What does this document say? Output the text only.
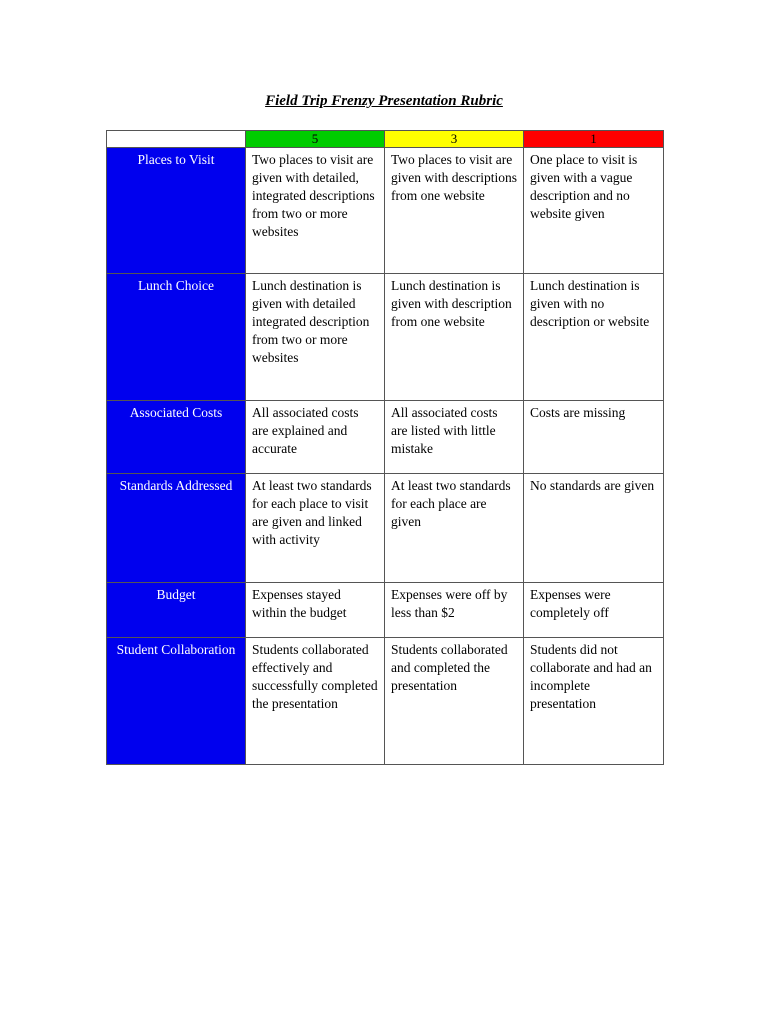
Field Trip Frenzy Presentation Rubric
	5	3	1
Places to Visit	Two places to visit are given with detailed, integrated descriptions from two or more websites	Two places to visit are given with descriptions from one website	One place to visit is given with a vague description and no website given
Lunch Choice	Lunch destination is given with detailed integrated description from two or more websites	Lunch destination is given with description from one website	Lunch destination is given with no description or website
Associated Costs	All associated costs are explained and accurate	All associated costs are listed with little mistake	Costs are missing
Standards Addressed	At least two standards for each place to visit are given and linked with activity	At least two standards for each place are given	No standards are given
Budget	Expenses stayed within the budget	Expenses were off by less than $2	Expenses were completely off
Student Collaboration	Students collaborated effectively and successfully completed the presentation	Students collaborated and completed the presentation	Students did not collaborate and had an incomplete presentation
